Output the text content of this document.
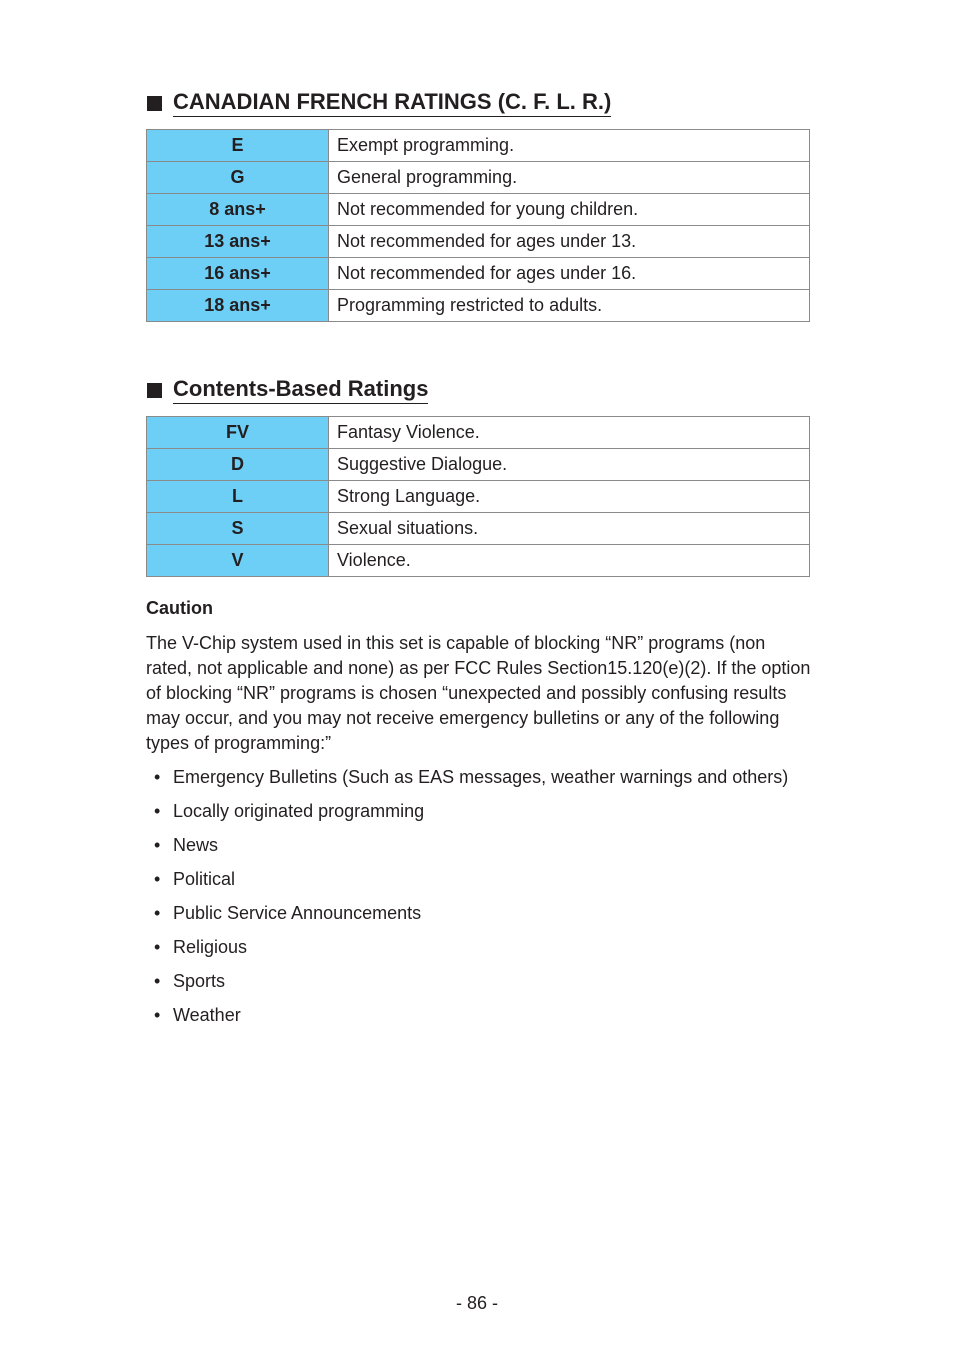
CANADIAN FRENCH RATINGS (C. F. L. R.)
E	Exempt programming.
G	General programming.
8 ans+	Not recommended for young children.
13 ans+	Not recommended for ages under 13.
16 ans+	Not recommended for ages under 16.
18 ans+	Programming restricted to adults.
Contents-Based Ratings
FV	Fantasy Violence.
D	Suggestive Dialogue.
L	Strong Language.
S	Sexual situations.
V	Violence.
Caution
The V-Chip system used in this set is capable of blocking “NR” programs (non rated, not applicable and none) as per FCC Rules Section15.120(e)(2). If the option of blocking “NR” programs is chosen “unexpected and possibly confusing results may occur, and you may not receive emergency bulletins or any of the following types of programming:”
• Emergency Bulletins (Such as EAS messages, weather warnings and others)
• Locally originated programming
• News
• Political
• Public Service Announcements
• Religious
• Sports
• Weather
- 86 -
